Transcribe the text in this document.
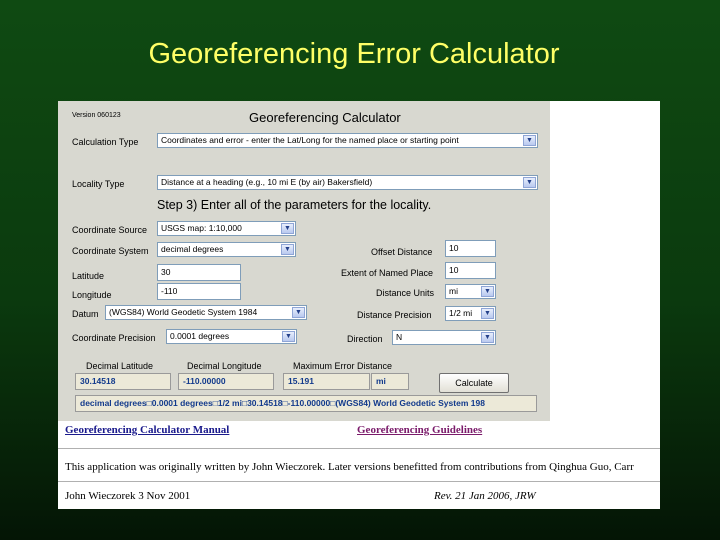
Georeferencing Error Calculator
Version 060123	Georeferencing Calculator
Calculation Type	Coordinates and error - enter the Lat/Long for the named place or starting point	▼
Locality Type	Distance at a heading (e.g., 10 mi E (by air) Bakersfield)	▼
Step 3) Enter all of the parameters for the locality.
Coordinate Source	USGS map: 1:10,000	▼
Coordinate System	decimal degrees	▼
Latitude	30
Longitude	-110
Datum	(WGS84) World Geodetic System 1984	▼
Coordinate Precision	0.0001 degrees	▼
Offset Distance	10
Extent of Named Place	10
Distance Units	mi	▼
Distance Precision	1/2 mi	▼
Direction	N	▼
Decimal Latitude	Decimal Longitude	Maximum Error Distance
30.14518	-110.00000	15.191	mi	Calculate
decimal degrees□0.0001 degrees□1/2 mi□30.14518□-110.00000□(WGS84) World Geodetic System 198
Georeferencing Calculator Manual	Georeferencing Guidelines
This application was originally written by John Wieczorek. Later versions benefitted from contributions from Qinghua Guo, Carr
John Wieczorek 3 Nov 2001	Rev. 21 Jan 2006, JRW
